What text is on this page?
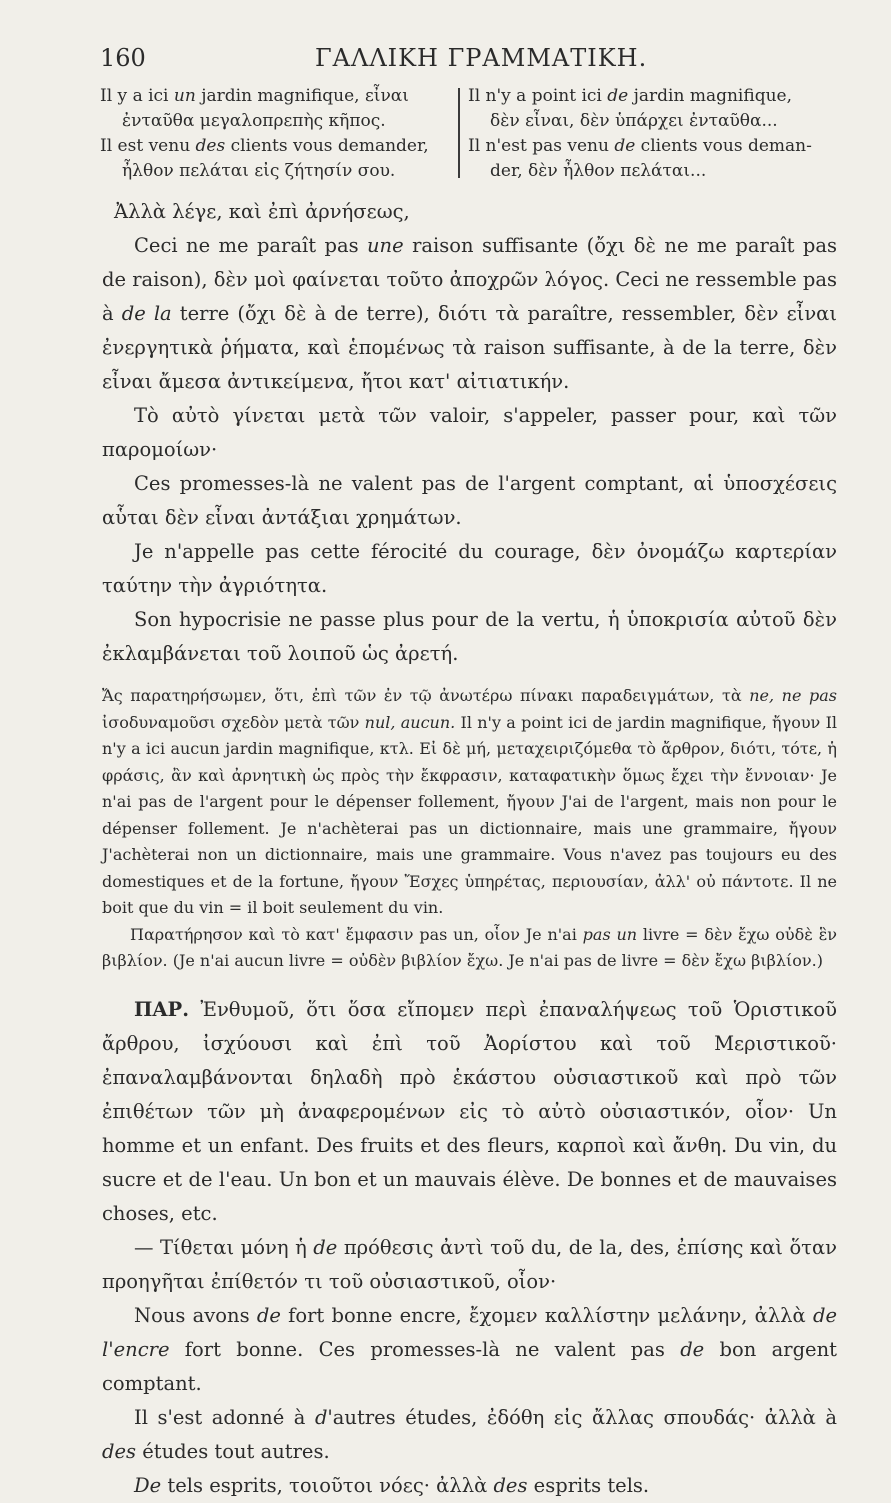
160	ΓΑΛΛΙΚΗ ΓΡΑΜΜΑΤΙΚΗ.

Il y a ici un jardin magnifique, εἶναι

ἐνταῦθα μεγαλοπρεπὴς κῆπος.

Il est venu des clients vous demander,

ἦλθον πελάται εἰς ζήτησίν σου.

Il n'y a point ici de jardin magnifique,

δὲν εἶναι, δὲν ὑπάρχει ἐνταῦθα...

Il n'est pas venu de clients vous deman-

der, δὲν ἦλθον πελάται...

Ἀλλὰ λέγε, καὶ ἐπὶ ἀρνήσεως,

Ceci ne me paraît pas une raison suffisante (ὄχι δὲ ne me paraît pas de raison), δὲν μοὶ φαίνεται τοῦτο ἀποχρῶν λόγος. Ceci ne ressemble pas à de la terre (ὄχι δὲ à de terre), διότι τὰ paraître, ressembler, δὲν εἶναι ἐνεργητικὰ ῥήματα, καὶ ἑπομένως τὰ raison suffisante, à de la terre, δὲν εἶναι ἄμεσα ἀντικείμενα, ἤτοι κατ' αἰτιατικήν.

Τὸ αὐτὸ γίνεται μετὰ τῶν valoir, s'appeler, passer pour, καὶ τῶν παρομοίων·

Ces promesses-là ne valent pas de l'argent comptant, αἱ ὑποσχέσεις αὗται δὲν εἶναι ἀντάξιαι χρημάτων.

Je n'appelle pas cette férocité du courage, δὲν ὀνομάζω καρτερίαν ταύτην τὴν ἀγριότητα.

Son hypocrisie ne passe plus pour de la vertu, ἡ ὑποκρισία αὐτοῦ δὲν ἐκλαμβάνεται τοῦ λοιποῦ ὡς ἀρετή.

Ἄς παρατηρήσωμεν, ὅτι, ἐπὶ τῶν ἐν τῷ ἀνωτέρω πίνακι παραδειγμάτων, τὰ ne, ne pas ἰσοδυναμοῦσι σχεδὸν μετὰ τῶν nul, aucun. Il n'y a point ici de jardin magnifique, ἤγουν Il n'y a ici aucun jardin magnifique, κτλ. Εἰ δὲ μή, μεταχειριζόμεθα τὸ ἄρθρον, διότι, τότε, ἡ φράσις, ἂν καὶ ἀρνητικὴ ὡς πρὸς τὴν ἔκφρασιν, καταφατικὴν ὅμως ἔχει τὴν ἔννοιαν· Je n'ai pas de l'argent pour le dépenser follement, ἤγουν J'ai de l'argent, mais non pour le dépenser follement. Je n'achèterai pas un dictionnaire, mais une grammaire, ἤγουν J'achèterai non un dictionnaire, mais une grammaire. Vous n'avez pas toujours eu des domestiques et de la fortune, ἤγουν Ἔσχες ὑπηρέτας, περιουσίαν, ἀλλ' οὐ πάντοτε. Il ne boit que du vin = il boit seulement du vin.

Παρατήρησον καὶ τὸ κατ' ἔμφασιν pas un, οἷον Je n'ai pas un livre = δὲν ἔχω οὐδὲ ἓν βιβλίον. (Je n'ai aucun livre = οὐδὲν βιβλίον ἔχω. Je n'ai pas de livre = δὲν ἔχω βιβλίον.)

ΠΑΡ. Ἐνθυμοῦ, ὅτι ὅσα εἴπομεν περὶ ἐπαναλήψεως τοῦ Ὁριστικοῦ ἄρθρου, ἰσχύουσι καὶ ἐπὶ τοῦ Ἀορίστου καὶ τοῦ Μεριστικοῦ· ἐπαναλαμβάνονται δηλαδὴ πρὸ ἑκάστου οὐσιαστικοῦ καὶ πρὸ τῶν ἐπιθέτων τῶν μὴ ἀναφερομένων εἰς τὸ αὐτὸ οὐσιαστικόν, οἷον· Un homme et un enfant. Des fruits et des fleurs, καρποὶ καὶ ἄνθη. Du vin, du sucre et de l'eau. Un bon et un mauvais élève. De bonnes et de mauvaises choses, etc.

— Τίθεται μόνη ἡ de πρόθεσις ἀντὶ τοῦ du, de la, des, ἐπίσης καὶ ὅταν προηγῆται ἐπίθετόν τι τοῦ οὐσιαστικοῦ, οἷον·

Nous avons de fort bonne encre, ἔχομεν καλλίστην μελάνην, ἀλλὰ de l'encre fort bonne. Ces promesses-là ne valent pas de bon argent comptant.

Il s'est adonné à d'autres études, ἐδόθη εἰς ἄλλας σπουδάς· ἀλλὰ à des études tout autres.

De tels esprits, τοιοῦτοι νόες· ἀλλὰ des esprits tels.
